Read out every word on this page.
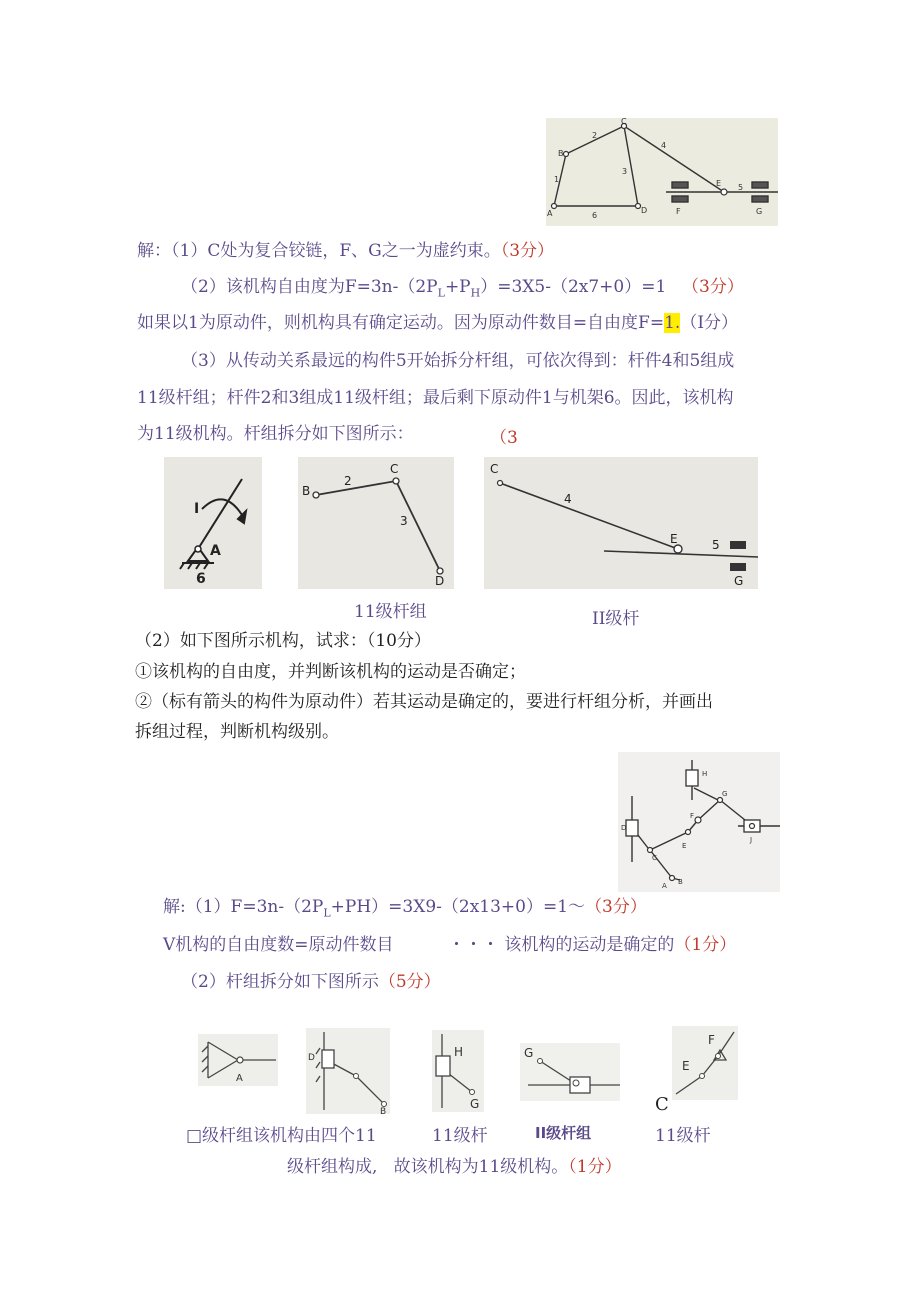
A
B
C
D
E
F	G
1
2
3
4
5
6
解：（1）C处为复合铰链，F、G之一为虚约束。（3分）
（2）该机构自由度为$F=3n-(2P_L+P_H)=3X5-(2x7+0)=1$ （3分）
如果以1为原动件，则机构具有确定运动。因为原动件数目=自由度F=1.（I分）
（3）从传动关系最远的构件5开始拆分杆组，可依次得到：杆件4和5组成
11级杆组；杆件2和3组成11级杆组；最后剩下原动件1与机架6。因此，该机构
为11级机构。杆组拆分如下图所示：	（3
I
A
6
B
2
C
3
D
C
4
E	5
G
11级杆组	II级杆
（2）如下图所示机构，试求：（10分）
①该机构的自由度，并判断该机构的运动是否确定；
②（标有箭头的构件为原动件）若其运动是确定的，要进行杆组分析，并画出
拆组过程，判断机构级别。
H
G
F
J
D
C
E
A B
解$:(1)F=3n-(2P_L+PH)=3X9-(2x13+0)=1\sim(3$分）
V机构的自由度数=原动件数目	・・・ 该机构的运动是确定的（1分）
（2）杆组拆分如下图所示（5分）
A
D
B
H
G
G
F
E
C
□级杆组该机构由四个11	11级杆	II级杆组	11级杆
级杆组构成, 故该机构为11级机构。（1分）
